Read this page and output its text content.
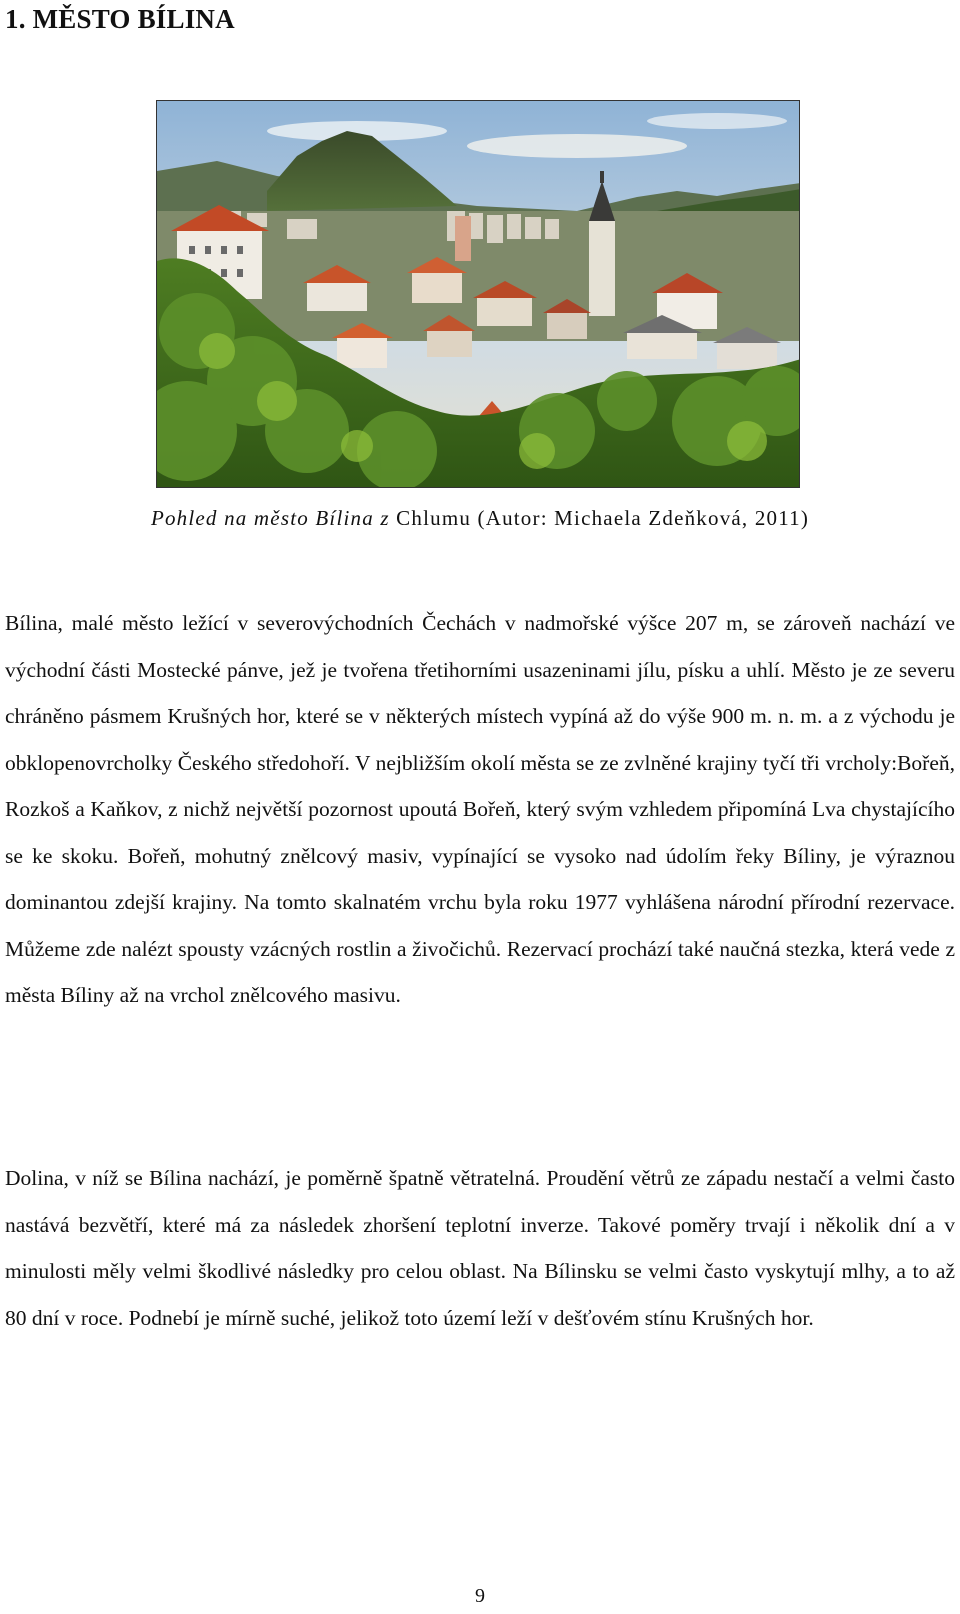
1. MĚSTO BÍLINA
Pohled na město Bílina z Chlumu (Autor: Michaela Zdeňková, 2011)

Bílina, malé město ležící v severovýchodních Čechách v nadmořské výšce 207 m, se zároveň nachází ve východní části Mostecké pánve, jež je tvořena třetihorními usazeninami jílu, písku a uhlí. Město je ze severu chráněno pásmem Krušných hor, které se v některých místech vypíná až do výše 900 m. n. m. a z východu je obklopenovrcholky Českého středohoří. V nejbližším okolí města se ze zvlněné krajiny tyčí tři vrcholy:Bořeň, Rozkoš a Kaňkov, z nichž největší pozornost upoutá Bořeň, který svým vzhledem připomíná Lva chystajícího se ke skoku. Bořeň, mohutný znělcový masiv, vypínající se vysoko nad údolím řeky Bíliny, je výraznou dominantou zdejší krajiny. Na tomto skalnatém vrchu byla roku 1977 vyhlášena národní přírodní rezervace. Můžeme zde nalézt spousty vzácných rostlin a živočichů. Rezervací prochází také naučná stezka, která vede z města Bíliny až na vrchol znělcového masivu.

Dolina, v níž se Bílina nachází, je poměrně špatně větratelná. Proudění větrů ze západu nestačí a velmi často nastává bezvětří, které má za následek zhoršení teplotní inverze. Takové poměry trvají i několik dní a v minulosti měly velmi škodlivé následky pro celou oblast. Na Bílinsku se velmi často vyskytují mlhy, a to až 80 dní v roce. Podnebí je mírně suché, jelikož toto území leží v dešťovém stínu Krušných hor.

9
